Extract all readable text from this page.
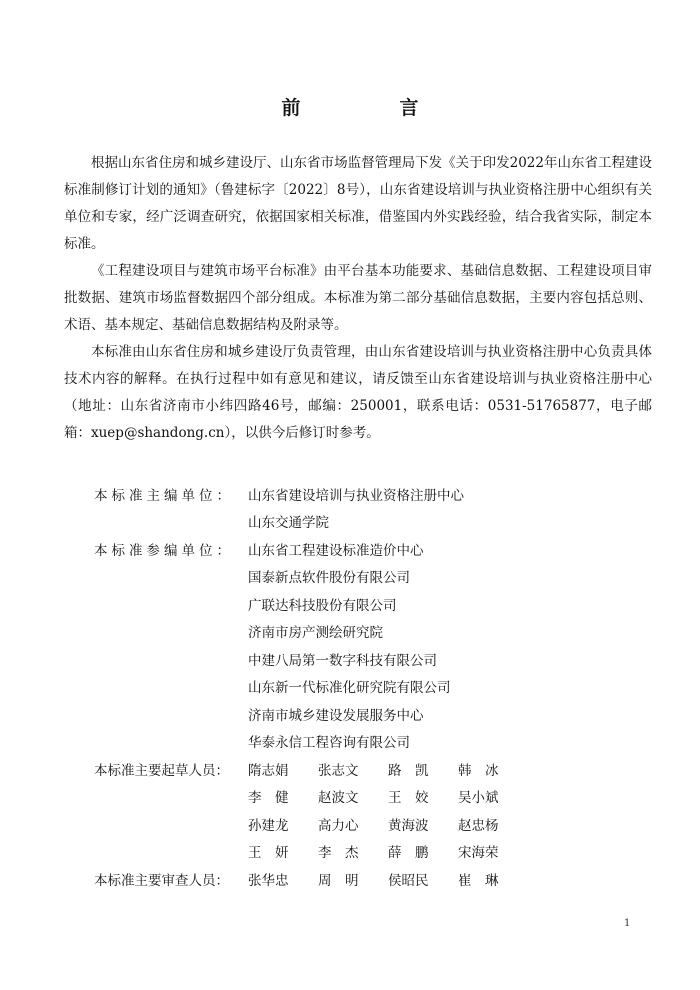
前　言

根据山东省住房和城乡建设厅、山东省市场监督管理局下发《关于印发2022年山东省工程建设标准制修订计划的通知》（鲁建标字〔2022〕8号），山东省建设培训与执业资格注册中心组织有关单位和专家，经广泛调查研究，依据国家相关标准，借鉴国内外实践经验，结合我省实际，制定本标准。

《工程建设项目与建筑市场平台标准》由平台基本功能要求、基础信息数据、工程建设项目审批数据、建筑市场监督数据四个部分组成。本标准为第二部分基础信息数据，主要内容包括总则、术语、基本规定、基础信息数据结构及附录等。

本标准由山东省住房和城乡建设厅负责管理，由山东省建设培训与执业资格注册中心负责具体技术内容的解释。在执行过程中如有意见和建议，请反馈至山东省建设培训与执业资格注册中心（地址：山东省济南市小纬四路46号，邮编：250001，联系电话：0531-51765877，电子邮箱：xuep@shandong.cn），以供今后修订时参考。

本标准主编单位：	山东省建设培训与执业资格注册中心
山东交通学院
本标准参编单位：	山东省工程建设标准造价中心
国泰新点软件股份有限公司
广联达科技股份有限公司
济南市房产测绘研究院
中建八局第一数字科技有限公司
山东新一代标准化研究院有限公司
济南市城乡建设发展服务中心
华泰永信工程咨询有限公司
本标准主要起草人员：	隋志娟	张志文	路　凯	韩　冰
李　健	赵波文	王　姣	吴小斌
孙建龙	高力心	黄海波	赵忠杨
王　妍	李　杰	薛　鹏	宋海荣
本标准主要审查人员：	张华忠	周　明	侯昭民	崔　琳
1
